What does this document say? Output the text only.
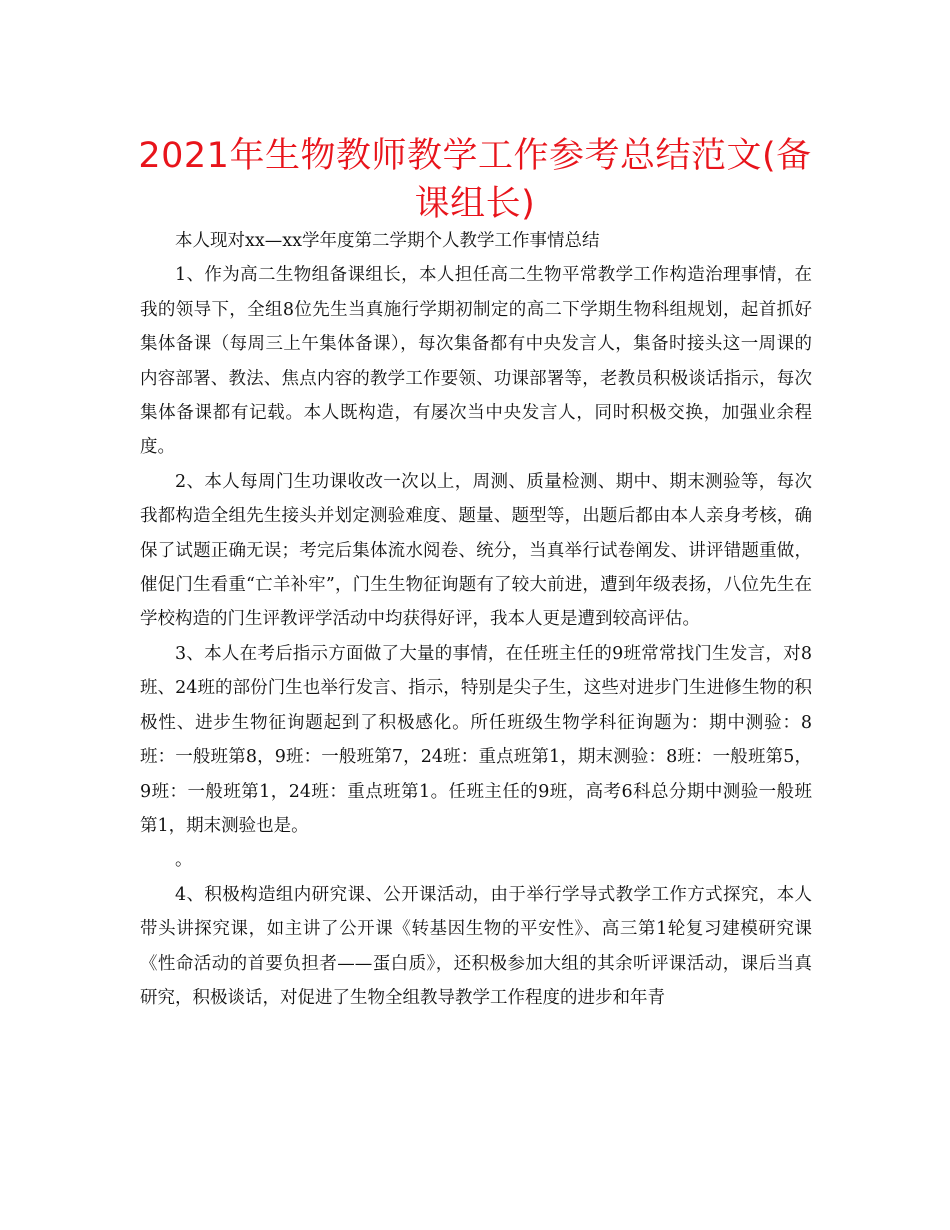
2021年生物教师教学工作参考总结范文(备课组长)

本人现对xx—xx学年度第二学期个人教学工作事情总结

1、作为高二生物组备课组长，本人担任高二生物平常教学工作构造治理事情，在我的领导下，全组8位先生当真施行学期初制定的高二下学期生物科组规划，起首抓好集体备课（每周三上午集体备课），每次集备都有中央发言人，集备时接头这一周课的内容部署、教法、焦点内容的教学工作要领、功课部署等，老教员积极谈话指示，每次集体备课都有记载。本人既构造，有屡次当中央发言人，同时积极交换，加强业余程度。

2、本人每周门生功课收改一次以上，周测、质量检测、期中、期末测验等，每次我都构造全组先生接头并划定测验难度、题量、题型等，出题后都由本人亲身考核，确保了试题正确无误；考完后集体流水阅卷、统分，当真举行试卷阐发、讲评错题重做，催促门生看重“亡羊补牢”，门生生物征询题有了较大前进，遭到年级表扬，八位先生在学校构造的门生评教评学活动中均获得好评，我本人更是遭到较高评估。

3、本人在考后指示方面做了大量的事情，在任班主任的9班常常找门生发言，对8班、24班的部份门生也举行发言、指示，特别是尖子生，这些对进步门生进修生物的积极性、进步生物征询题起到了积极感化。所任班级生物学科征询题为：期中测验：8班：一般班第8，9班：一般班第7，24班：重点班第1，期末测验：8班：一般班第5，9班：一般班第1，24班：重点班第1。任班主任的9班，高考6科总分期中测验一般班第1，期末测验也是。

。

4、积极构造组内研究课、公开课活动，由于举行学导式教学工作方式探究，本人带头讲探究课，如主讲了公开课《转基因生物的平安性》、高三第1轮复习建模研究课《性命活动的首要负担者——蛋白质》，还积极参加大组的其余听评课活动，课后当真研究，积极谈话，对促进了生物全组教导教学工作程度的进步和年青
